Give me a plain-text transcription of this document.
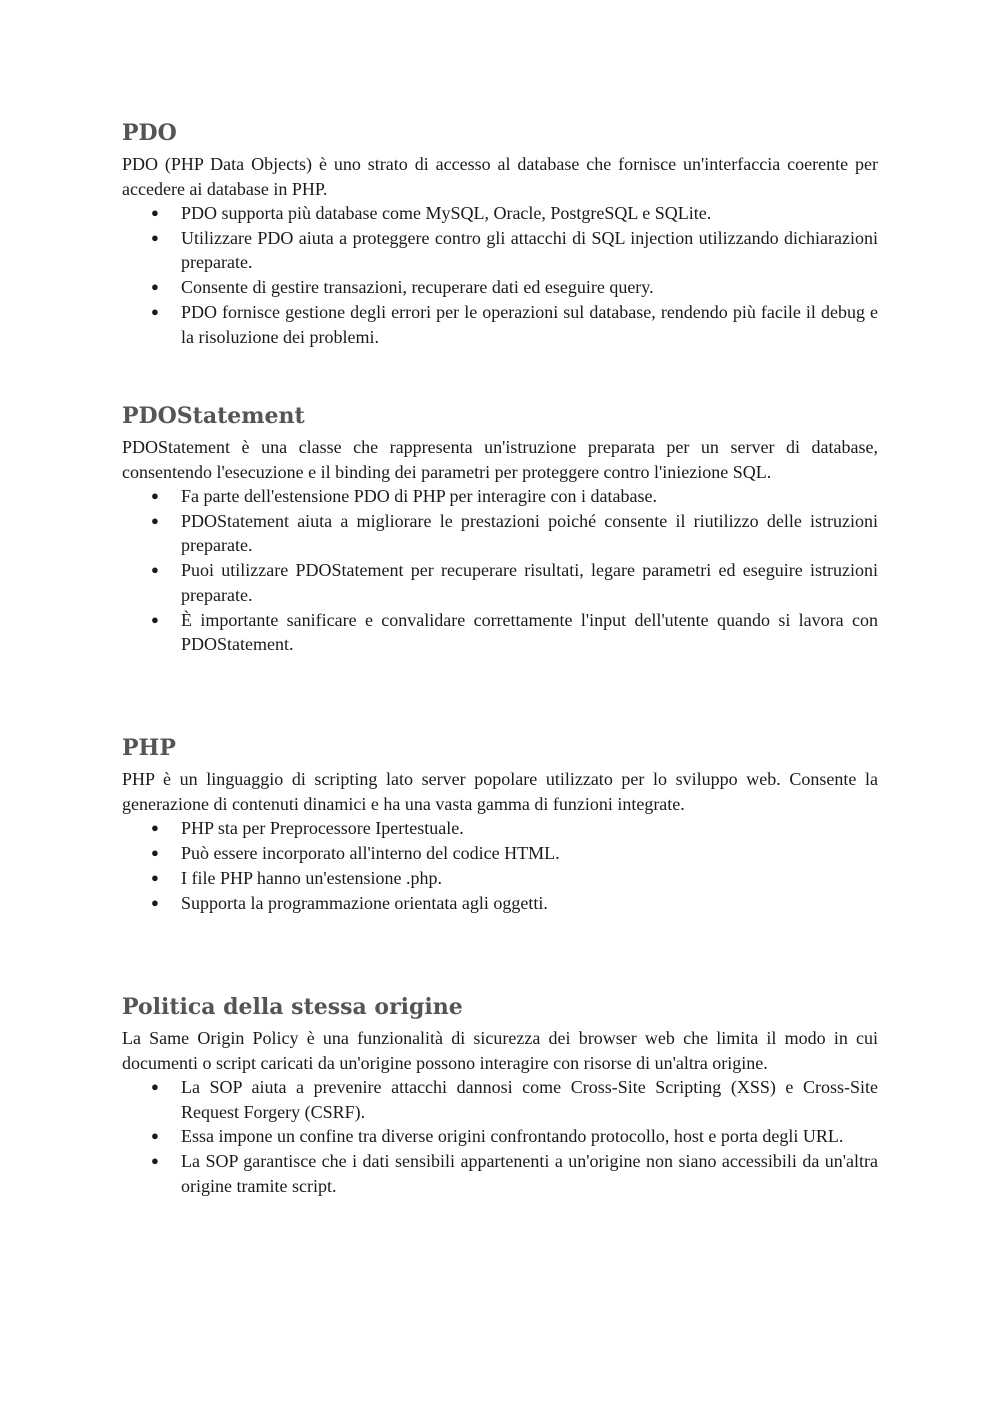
PDO

PDO (PHP Data Objects) è uno strato di accesso al database che fornisce un'interfaccia coerente per accedere ai database in PHP.

● PDO supporta più database come MySQL, Oracle, PostgreSQL e SQLite.
● Utilizzare PDO aiuta a proteggere contro gli attacchi di SQL injection utilizzando dichiarazioni preparate.
● Consente di gestire transazioni, recuperare dati ed eseguire query.
● PDO fornisce gestione degli errori per le operazioni sul database, rendendo più facile il debug e la risoluzione dei problemi.
PDOStatement

PDOStatement è una classe che rappresenta un'istruzione preparata per un server di database, consentendo l'esecuzione e il binding dei parametri per proteggere contro l'iniezione SQL.

● Fa parte dell'estensione PDO di PHP per interagire con i database.
● PDOStatement aiuta a migliorare le prestazioni poiché consente il riutilizzo delle istruzioni preparate.
● Puoi utilizzare PDOStatement per recuperare risultati, legare parametri ed eseguire istruzioni preparate.
● È importante sanificare e convalidare correttamente l'input dell'utente quando si lavora con PDOStatement.
PHP

PHP è un linguaggio di scripting lato server popolare utilizzato per lo sviluppo web. Consente la generazione di contenuti dinamici e ha una vasta gamma di funzioni integrate.

● PHP sta per Preprocessore Ipertestuale.
● Può essere incorporato all'interno del codice HTML.
● I file PHP hanno un'estensione .php.
● Supporta la programmazione orientata agli oggetti.
Politica della stessa origine

La Same Origin Policy è una funzionalità di sicurezza dei browser web che limita il modo in cui documenti o script caricati da un'origine possono interagire con risorse di un'altra origine.

● La SOP aiuta a prevenire attacchi dannosi come Cross-Site Scripting (XSS) e Cross-Site Request Forgery (CSRF).
● Essa impone un confine tra diverse origini confrontando protocollo, host e porta degli URL.
● La SOP garantisce che i dati sensibili appartenenti a un'origine non siano accessibili da un'altra origine tramite script.
